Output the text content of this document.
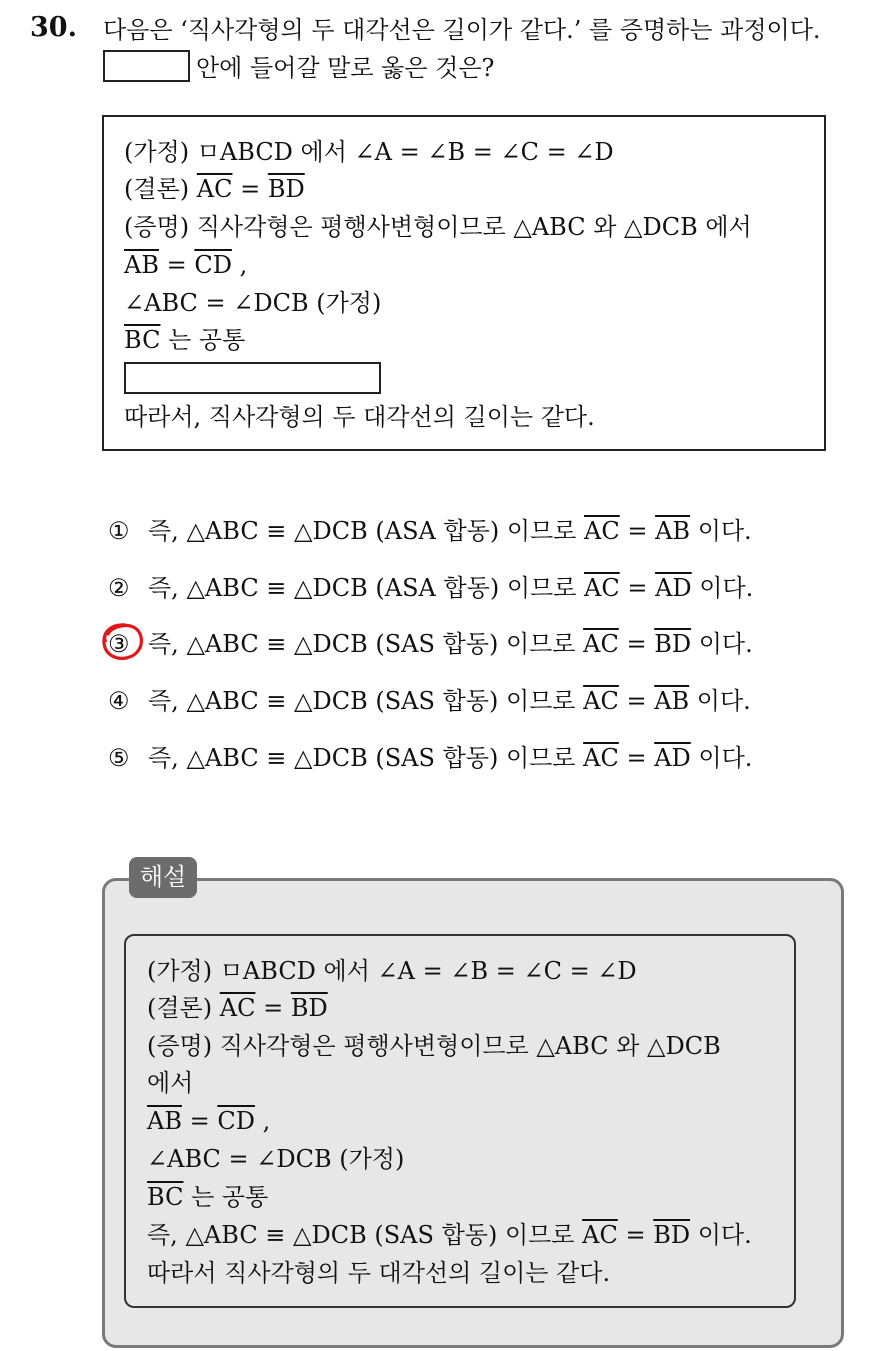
30. 다음은 ‘직사각형의 두 대각선은 길이가 같다.’ 를 증명하는 과정이다.
안에 들어갈 말로 옳은 것은?
(가정) ㅁABCD 에서 ∠A = ∠B = ∠C = ∠D
(결론) $\overline{AC} = \overline{BD}$
(증명) 직사각형은 평행사변형이므로 △ABC 와 △DCB 에서
$\overline{AB} = \overline{CD}$ ,
∠ABC = ∠DCB (가정)
$\overline{BC}$ 는 공통
따라서, 직사각형의 두 대각선의 길이는 같다.
① 즉, △ABC ≡ △DCB (ASA 합동) 이므로 $\overline{AC} = \overline{AB}$ 이다.
② 즉, △ABC ≡ △DCB (ASA 합동) 이므로 $\overline{AC} = \overline{AD}$ 이다.
③ 즉, △ABC ≡ △DCB (SAS 합동) 이므로 $\overline{AC} = \overline{BD}$ 이다.
④ 즉, △ABC ≡ △DCB (SAS 합동) 이므로 $\overline{AC} = \overline{AB}$ 이다.
⑤ 즉, △ABC ≡ △DCB (SAS 합동) 이므로 $\overline{AC} = \overline{AD}$ 이다.
해설
(가정) ㅁABCD 에서 ∠A = ∠B = ∠C = ∠D
(결론) $\overline{AC} = \overline{BD}$
(증명) 직사각형은 평행사변형이므로 △ABC 와 △DCB
에서
$\overline{AB} = \overline{CD}$ ,
∠ABC = ∠DCB (가정)
$\overline{BC}$ 는 공통
즉, △ABC ≡ △DCB (SAS 합동) 이므로 $\overline{AC} = \overline{BD}$ 이다.
따라서 직사각형의 두 대각선의 길이는 같다.
